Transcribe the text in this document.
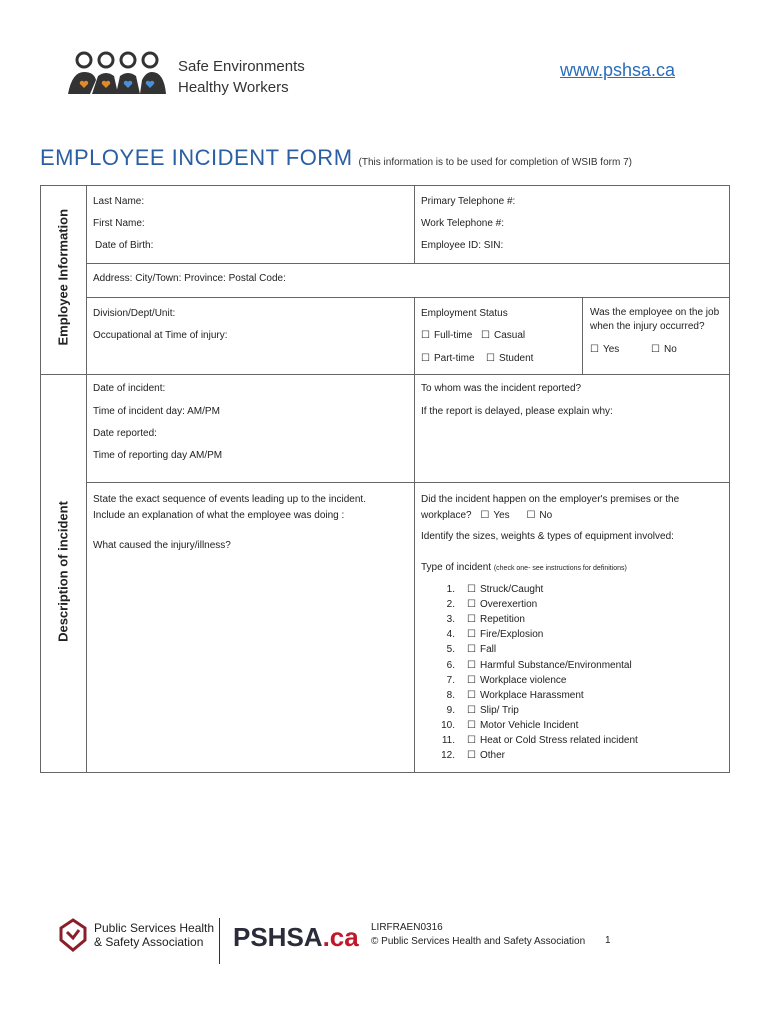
Safe Environments
Healthy Workers
www.pshsa.ca
EMPLOYEE INCIDENT FORM (This information is to be used for completion of WSIB form 7)
Employee Information
Description of incident
Last Name:	Primary Telephone #:
First Name:	Work Telephone #:
Date of Birth:	Employee ID: SIN:
Address: City/Town: Province: Postal Code:
Division/Dept/Unit:
Occupational at Time of injury:
Employment Status
☐ Full-time	☐ Casual
☐ Part-time	☐ Student
Was the employee on the job when the injury occurred?
☐ Yes	☐ No
Date of incident:	To whom was the incident reported?
Time of incident day: AM/PM	If the report is delayed, please explain why:
Date reported:
Time of reporting day AM/PM
State the exact sequence of events leading up to the incident. Include an explanation of what the employee was doing :
What caused the injury/illness?
Did the incident happen on the employer's premises or the workplace? ☐ Yes	☐ No
Identify the sizes, weights & types of equipment involved:
Type of incident (check one- see instructions for definitions)
1.	☐ Struck/Caught
2.	☐ Overexertion
3.	☐ Repetition
4.	☐ Fire/Explosion
5.	☐ Fall
6.	☐ Harmful Substance/Environmental
7.	☐ Workplace violence
8.	☐ Workplace Harassment
9.	☐ Slip/ Trip
10.	☐ Motor Vehicle Incident
11.	☐ Heat or Cold Stress related incident
12.	☐ Other
Public Services Health
& Safety Association	PSHSA.ca LIRFRAEN0316
© Public Services Health and Safety Association 1
